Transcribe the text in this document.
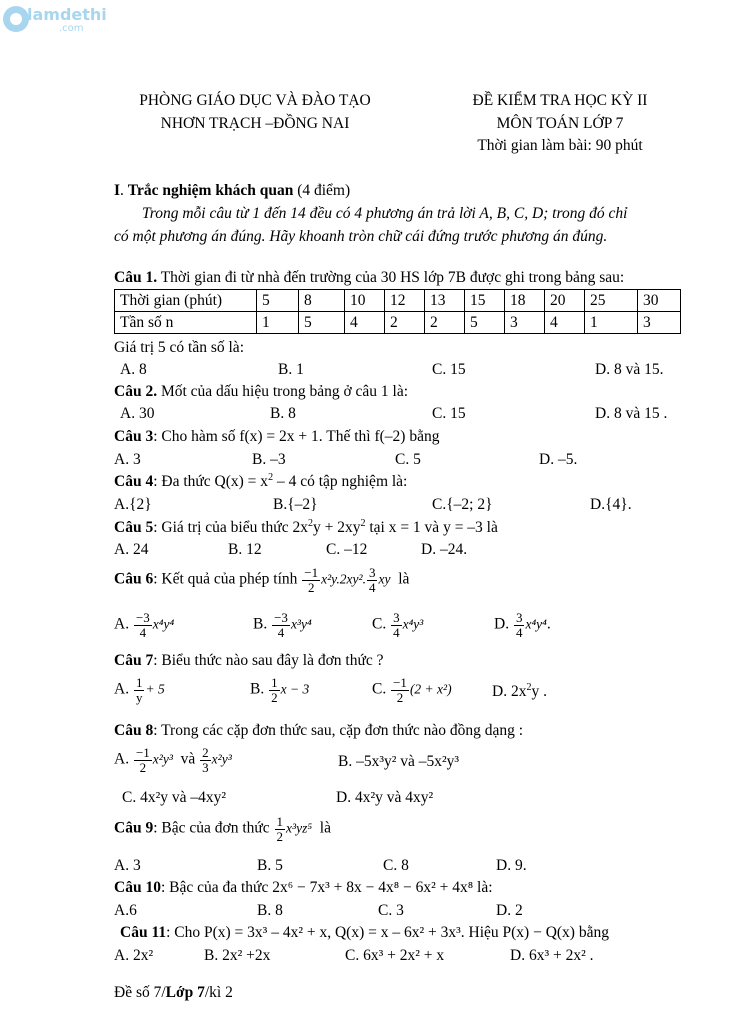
lamdethi
.com
PHÒNG GIÁO DỤC VÀ ĐÀO TẠO
NHƠN TRẠCH –ĐỒNG NAI
ĐỀ KIỂM TRA HỌC KỲ II
MÔN TOÁN LỚP 7
Thời gian làm bài: 90 phút
I. Trắc nghiệm khách quan (4 điểm)
Trong mỗi câu từ 1 đến 14 đều có 4 phương án trả lời A, B, C, D; trong đó chỉ
có một phương án đúng. Hãy khoanh tròn chữ cái đứng trước phương án đúng.
Câu 1. Thời gian đi từ nhà đến trường của 30 HS lớp 7B được ghi trong bảng sau:
Thời gian (phút)	5	8	10	12	13	15	18	20	25	30
Tần số n	1	5	4	2	2	5	3	4	1	3
Giá trị 5 có tần số là:
A. 8	B. 1	C. 15	D. 8 và 15.
Câu 2. Mốt của dấu hiệu trong bảng ở câu 1 là:
A. 30	B. 8	C. 15	D. 8 và 15 .
Câu 3: Cho hàm số f(x) = 2x + 1. Thế thì f(–2) bằng
A. 3	B. –3	C. 5	D. –5.
Câu 4: Đa thức $Q(x) = x^2 - 4$ có tập nghiệm là:
A.{2}	B.{–2}	C.{–2; 2}	D.{4}.
Câu 5: Giá trị của biểu thức $2x^2y + 2xy^2$ tại x = 1 và y = –3 là
A. 24	B. 12	C. –12	D. –24.
Câu 6: Kết quả của phép tính $\frac{-1}{2} x^2y.2xy^2$. $\frac{3}{4}$ xy là
A. $\frac{-3}{4} x^4y^4$	B. $\frac{-3}{4} x^3y^4$	C. $\frac{3}{4} x^4y^3$	D. $\frac{3}{4} x^4y^4$.
Câu 7: Biểu thức nào sau đây là đơn thức ?
A. $\frac{1}{y} + 5$	B. $\frac{1}{2}$ x − 3	C. $\frac{-1}{2} (2 + x^2)$	D. $2x^2y$ .
Câu 8: Trong các cặp đơn thức sau, cặp đơn thức nào đồng dạng :
A. $\frac{-1}{2} x^2y^3$ và $\frac{2}{3} x^2y^3$	B. –5x³y² và –5x²y³
C. 4x²y và –4xy²	D. 4x²y và 4xy²
Câu 9: Bậc của đơn thức $\frac{1}{2} x^3yz^5$ là
A. 3	B. 5	C. 8	D. 9.
Câu 10: Bậc của đa thức 2x⁶ − 7x³ + 8x − 4x⁸ − 6x² + 4x⁸ là:
A.6	B. 8	C. 3	D. 2
Câu 11: Cho P(x) = 3x³ – 4x² + x, Q(x) = x – 6x² + 3x³. Hiệu P(x) − Q(x) bằng
A. 2x²	B. 2x² +2x	C. 6x³ + 2x² + x	D. 6x³ + 2x² .
Đề số 7/Lớp 7/kì 2
